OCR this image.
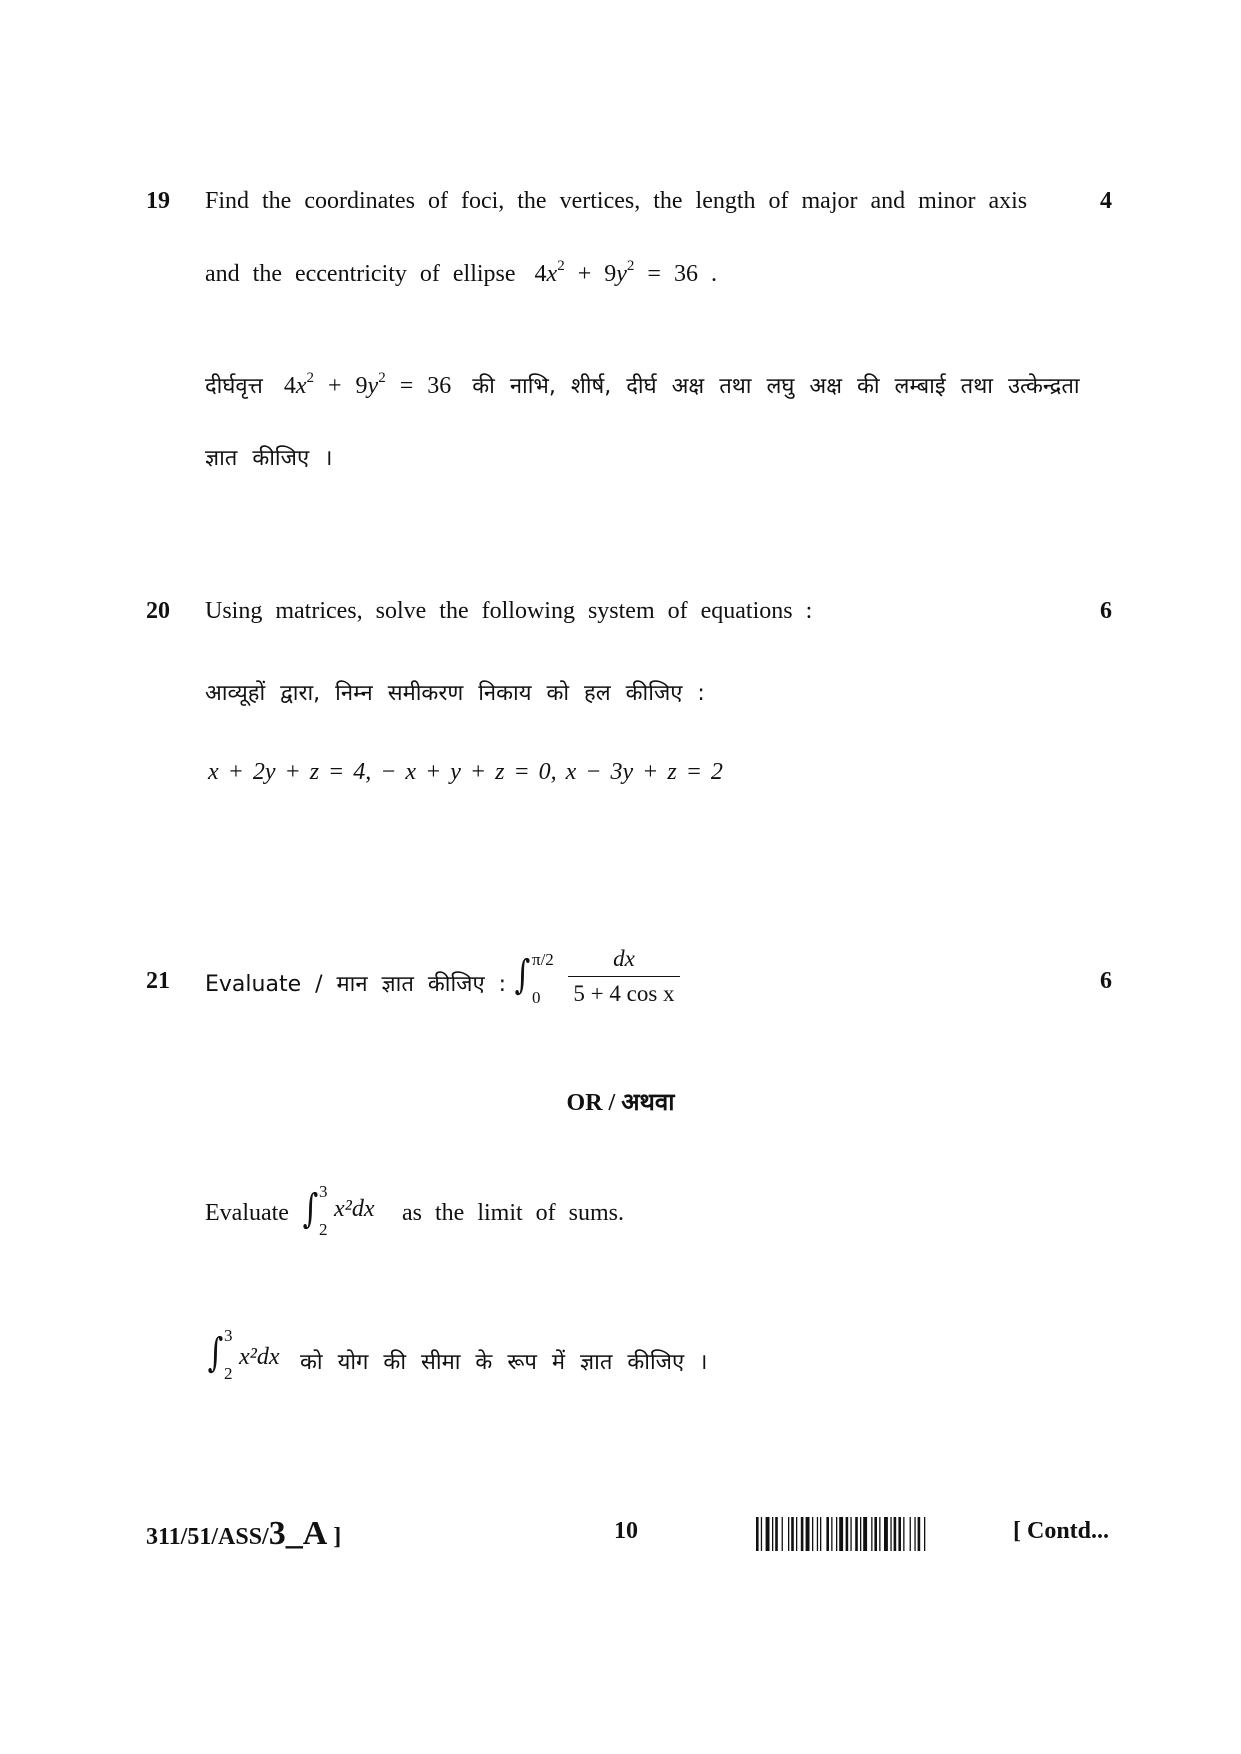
19 Find the coordinates of foci, the vertices, the length of major and minor axis	4
and the eccentricity of ellipse $4x^2 + 9y^2 = 36$ .
दीर्घवृत्त $4x^2 + 9y^2 = 36$ की नाभि, शीर्ष, दीर्घ अक्ष तथा लघु अक्ष की लम्बाई तथा उत्केन्द्रता
ज्ञात कीजिए ।
20 Using matrices, solve the following system of equations :	6
आव्यूहों द्वारा, निम्न समीकरण निकाय को हल कीजिए :
x + 2y + z = 4, − x + y + z = 0, x − 3y + z = 2
21 Evaluate / मान ज्ञात कीजिए :	6
∫ π/2
$0 \frac{dx}{\text{5 + 4 cos x}}$
OR / अथवा
Evaluate ∫ 3
2
x²dx as the limit of sums.
∫ 3
2
x²dx को योग की सीमा के रूप में ज्ञात कीजिए ।
311/51/ASS/3_A ]	10	[ Contd...
